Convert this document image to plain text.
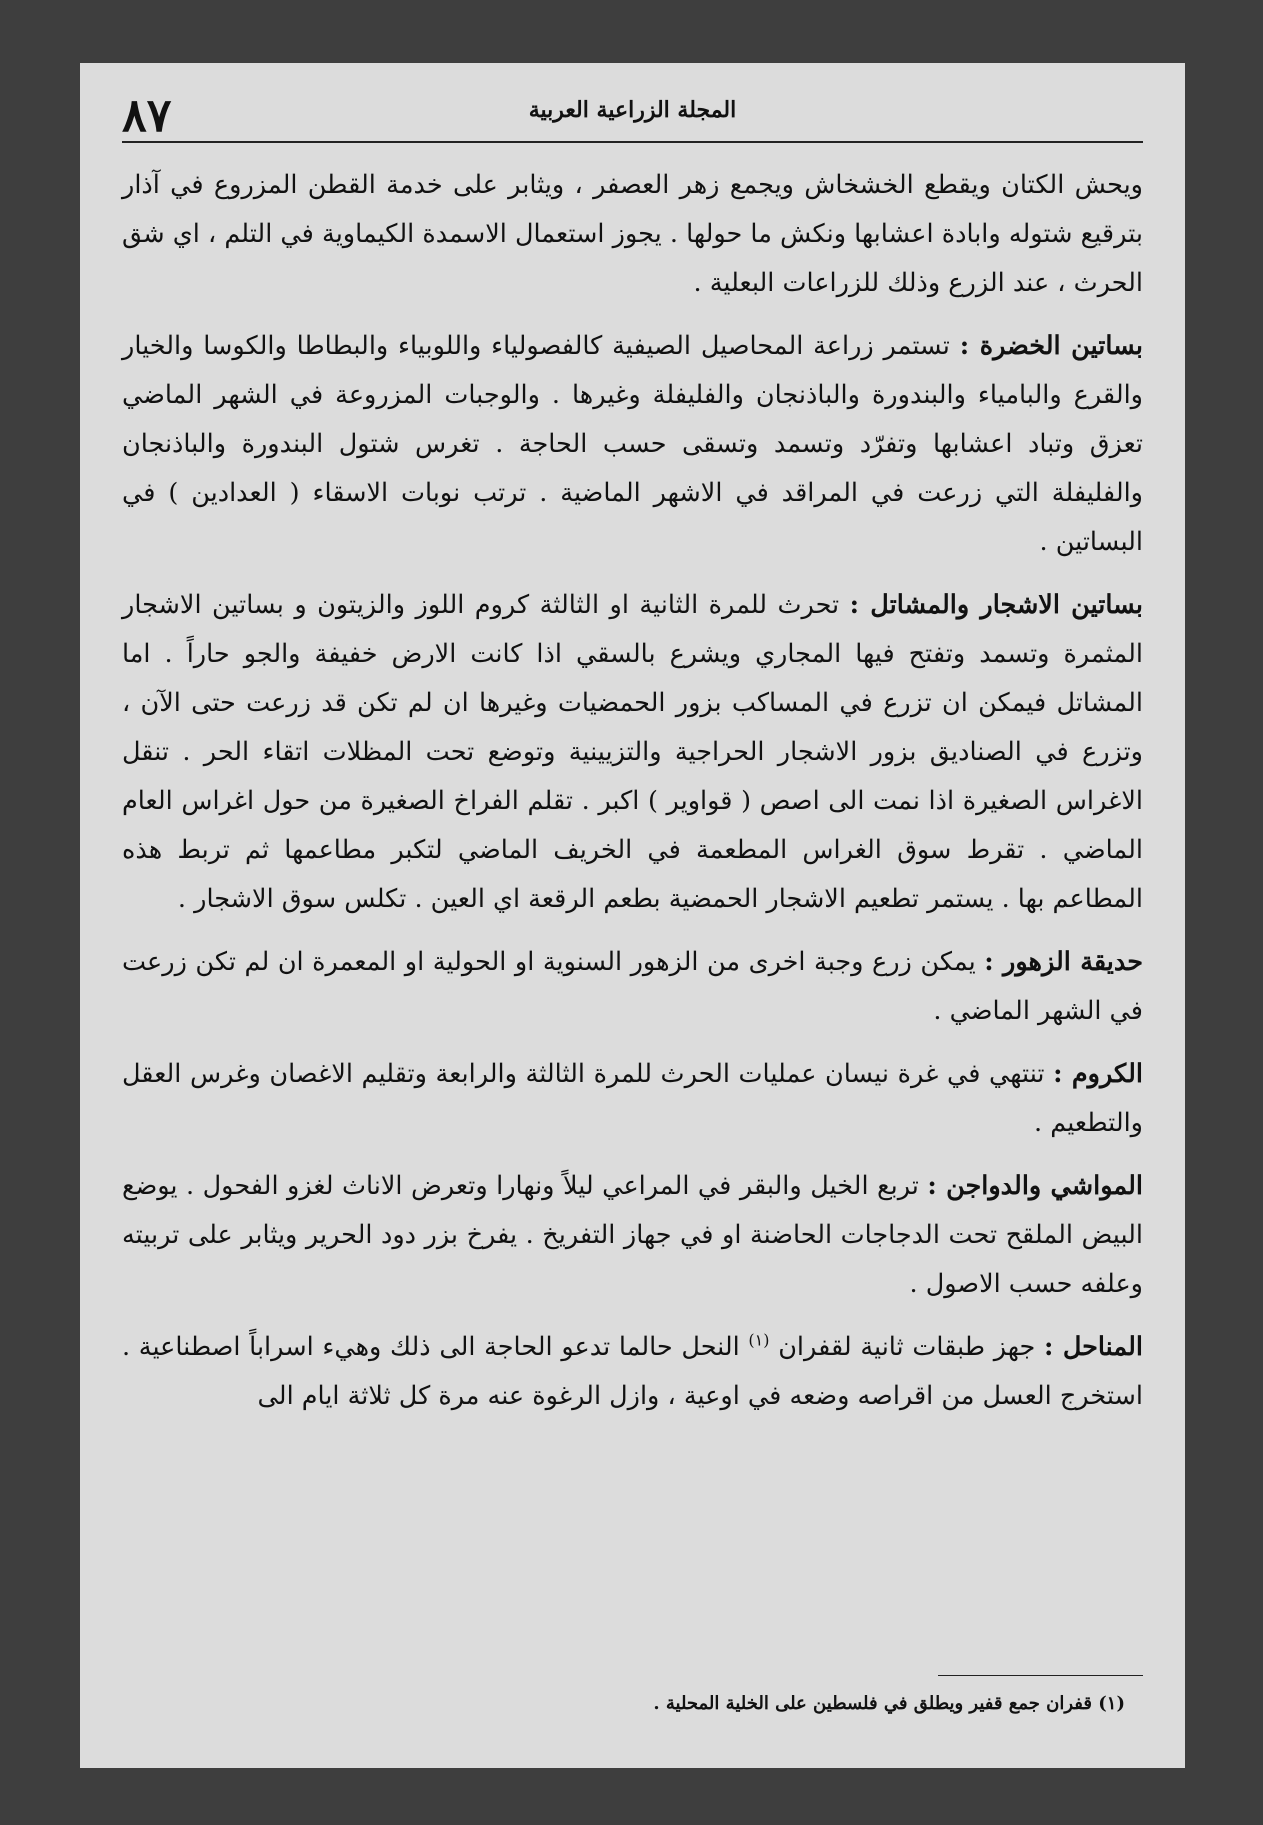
٨٧	المجلة الزراعية العربية

ويحش الكتان ويقطع الخشخاش ويجمع زهر العصفر ، ويثابر على خدمة القطن المزروع في آذار بترقيع شتوله وابادة اعشابها ونكش ما حولها . يجوز استعمال الاسمدة الكيماوية في التلم ، اي شق الحرث ، عند الزرع وذلك للزراعات البعلية .

بساتين الخضرة : تستمر زراعة المحاصيل الصيفية كالفصولياء واللوبياء والبطاطا والكوسا والخيار والقرع والبامياء والبندورة والباذنجان والفليفلة وغيرها . والوجبات المزروعة في الشهر الماضي تعزق وتباد اعشابها وتفرّد وتسمد وتسقى حسب الحاجة . تغرس شتول البندورة والباذنجان والفليفلة التي زرعت في المراقد في الاشهر الماضية . ترتب نوبات الاسقاء ( العدادين ) في البساتين .

بساتين الاشجار والمشاتل : تحرث للمرة الثانية او الثالثة كروم اللوز والزيتون و بساتين الاشجار المثمرة وتسمد وتفتح فيها المجاري ويشرع بالسقي اذا كانت الارض خفيفة والجو حاراً . اما المشاتل فيمكن ان تزرع في المساكب بزور الحمضيات وغيرها ان لم تكن قد زرعت حتى الآن ، وتزرع في الصناديق بزور الاشجار الحراجية والتزيينية وتوضع تحت المظلات اتقاء الحر . تنقل الاغراس الصغيرة اذا نمت الى اصص ( قواوير ) اكبر . تقلم الفراخ الصغيرة من حول اغراس العام الماضي . تقرط سوق الغراس المطعمة في الخريف الماضي لتكبر مطاعمها ثم تربط هذه المطاعم بها . يستمر تطعيم الاشجار الحمضية بطعم الرقعة اي العين . تكلس سوق الاشجار .

حديقة الزهور : يمكن زرع وجبة اخرى من الزهور السنوية او الحولية او المعمرة ان لم تكن زرعت في الشهر الماضي .

الكروم : تنتهي في غرة نيسان عمليات الحرث للمرة الثالثة والرابعة وتقليم الاغصان وغرس العقل والتطعيم .

المواشي والدواجن : تربع الخيل والبقر في المراعي ليلاً ونهارا وتعرض الاناث لغزو الفحول . يوضع البيض الملقح تحت الدجاجات الحاضنة او في جهاز التفريخ . يفرخ بزر دود الحرير ويثابر على تربيته وعلفه حسب الاصول .

المناحل : جهز طبقات ثانية لقفران $^{(١)}$ النحل حالما تدعو الحاجة الى ذلك وهيء اسراباً اصطناعية . استخرج العسل من اقراصه وضعه في اوعية ، وازل الرغوة عنه مرة كل ثلاثة ايام الى

(١) قفران جمع قفير ويطلق في فلسطين على الخلية المحلية .
